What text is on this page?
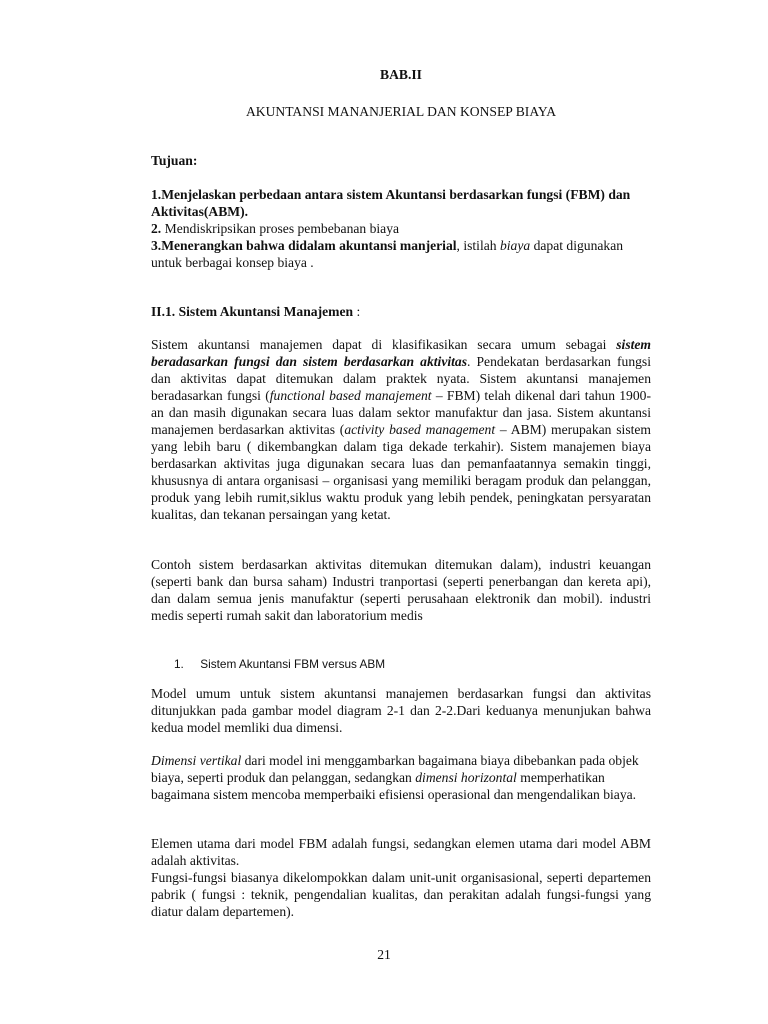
BAB.II

AKUNTANSI MANANJERIAL DAN KONSEP BIAYA

Tujuan:

1.Menjelaskan perbedaan antara sistem Akuntansi berdasarkan fungsi (FBM) dan Aktivitas(ABM).

2. Mendiskripsikan proses pembebanan biaya

3.Menerangkan bahwa didalam akuntansi manjerial, istilah biaya dapat digunakan untuk berbagai konsep biaya .

II.1. Sistem Akuntansi Manajemen :

Sistem akuntansi manajemen dapat di klasifikasikan secara umum sebagai sistem beradasarkan fungsi dan sistem berdasarkan aktivitas. Pendekatan berdasarkan fungsi dan aktivitas dapat ditemukan dalam praktek nyata. Sistem akuntansi manajemen beradasarkan fungsi (functional based manajement – FBM) telah dikenal dari tahun 1900-an dan masih digunakan secara luas dalam sektor manufaktur dan jasa. Sistem akuntansi manajemen berdasarkan aktivitas (activity based management – ABM) merupakan sistem yang lebih baru ( dikembangkan dalam tiga dekade terkahir). Sistem manajemen biaya berdasarkan aktivitas juga digunakan secara luas dan pemanfaatannya semakin tinggi, khususnya di antara organisasi – organisasi yang memiliki beragam produk dan pelanggan, produk yang lebih rumit,siklus waktu produk yang lebih pendek, peningkatan persyaratan kualitas, dan tekanan persaingan yang ketat.

Contoh sistem berdasarkan aktivitas ditemukan ditemukan dalam), industri keuangan (seperti bank dan bursa saham) Industri tranportasi (seperti penerbangan dan kereta api), dan dalam semua jenis manufaktur (seperti perusahaan elektronik dan mobil). industri medis seperti rumah sakit dan laboratorium medis

1. Sistem Akuntansi FBM versus ABM

Model umum untuk sistem akuntansi manajemen berdasarkan fungsi dan aktivitas ditunjukkan pada gambar model diagram 2-1 dan 2-2.Dari keduanya menunjukan bahwa kedua model memliki dua dimensi.

Dimensi vertikal dari model ini menggambarkan bagaimana biaya dibebankan pada objek biaya, seperti produk dan pelanggan, sedangkan dimensi horizontal memperhatikan bagaimana sistem mencoba memperbaiki efisiensi operasional dan mengendalikan biaya.

Elemen utama dari model FBM adalah fungsi, sedangkan elemen utama dari model ABM adalah aktivitas.

Fungsi-fungsi biasanya dikelompokkan dalam unit-unit organisasional, seperti departemen pabrik ( fungsi : teknik, pengendalian kualitas, dan perakitan adalah fungsi-fungsi yang diatur dalam departemen).

21
